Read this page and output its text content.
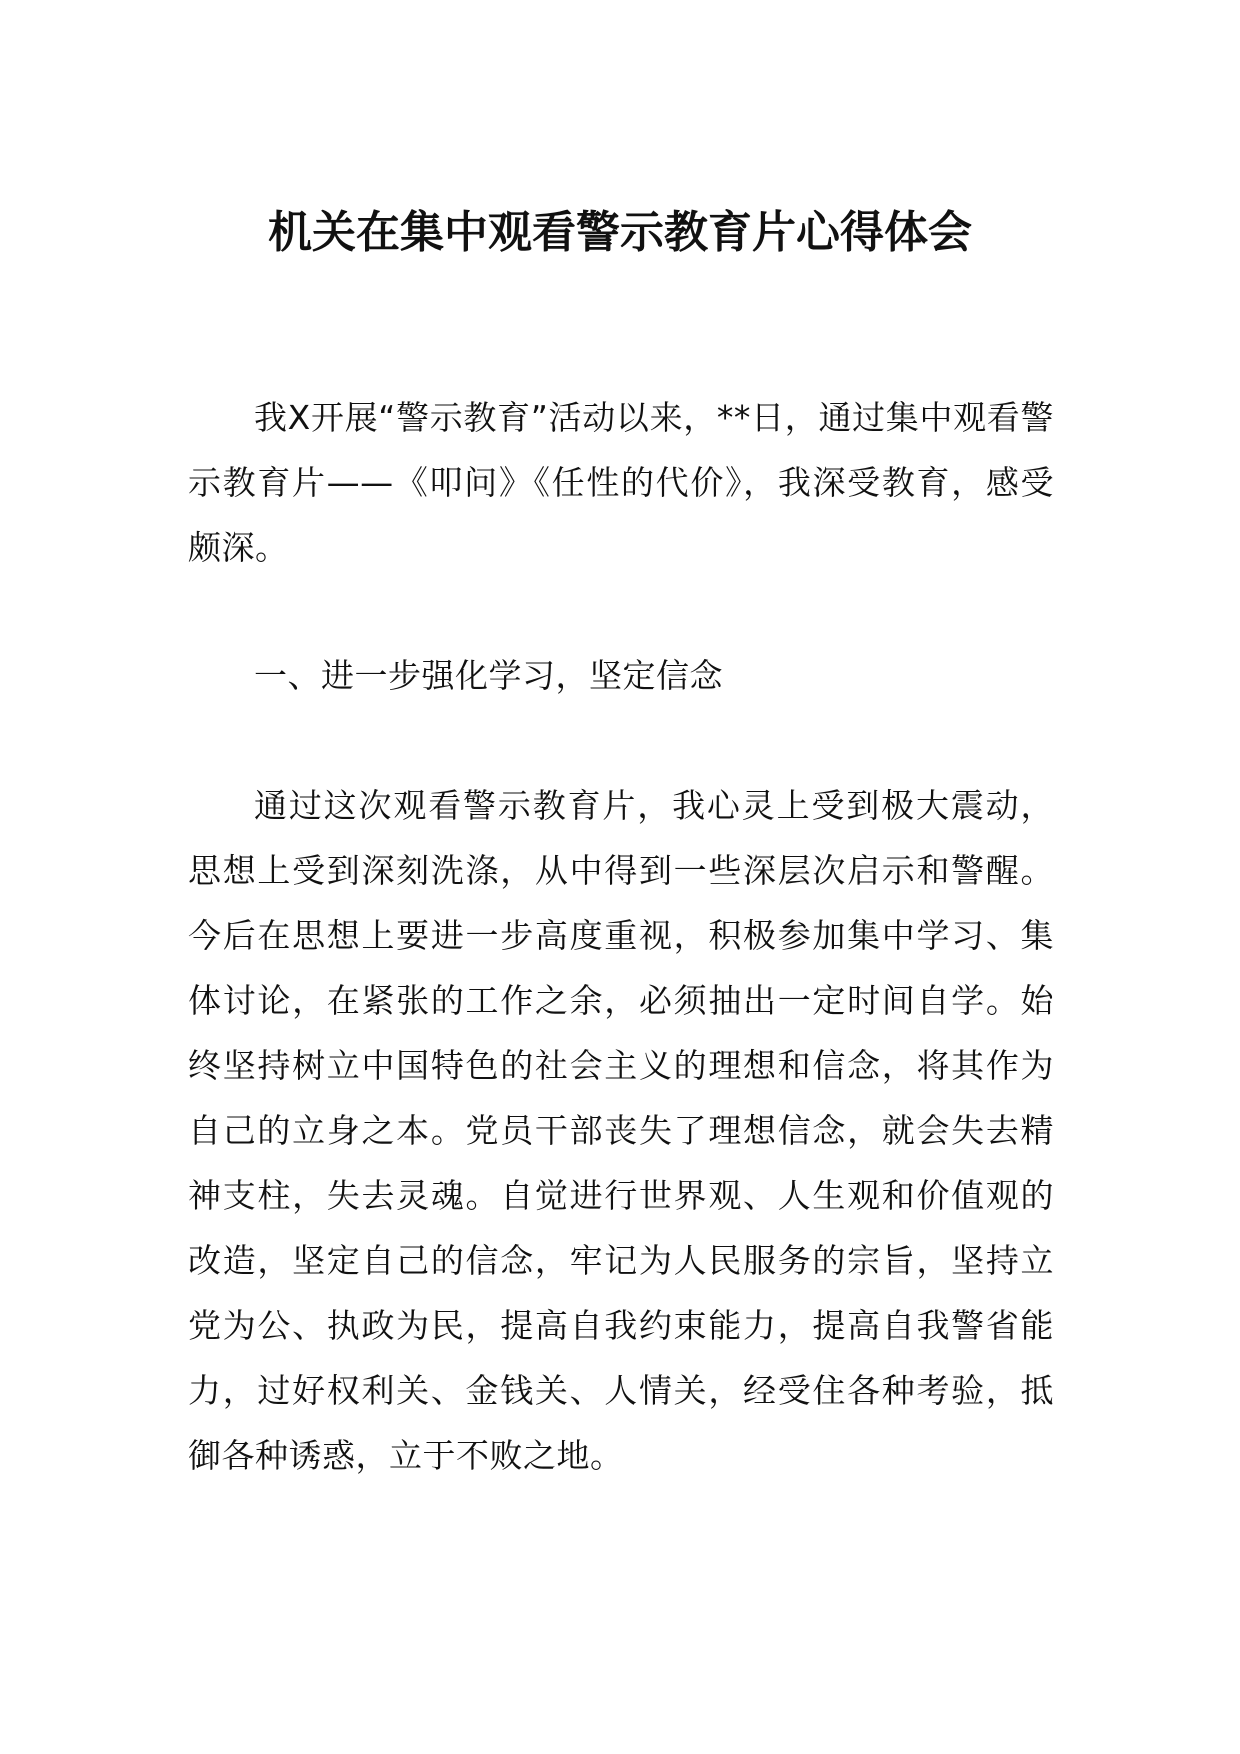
机关在集中观看警示教育片心得体会

我X开展“警示教育”活动以来，**日，通过集中观看警示教育片——《叩问》《任性的代价》，我深受教育，感受颇深。

一、进一步强化学习，坚定信念

通过这次观看警示教育片，我心灵上受到极大震动，思想上受到深刻洗涤，从中得到一些深层次启示和警醒。今后在思想上要进一步高度重视，积极参加集中学习、集体讨论，在紧张的工作之余，必须抽出一定时间自学。始终坚持树立中国特色的社会主义的理想和信念，将其作为自己的立身之本。党员干部丧失了理想信念，就会失去精神支柱，失去灵魂。自觉进行世界观、人生观和价值观的改造，坚定自己的信念，牢记为人民服务的宗旨，坚持立党为公、执政为民，提高自我约束能力，提高自我警省能力，过好权利关、金钱关、人情关，经受住各种考验，抵御各种诱惑，立于不败之地。
